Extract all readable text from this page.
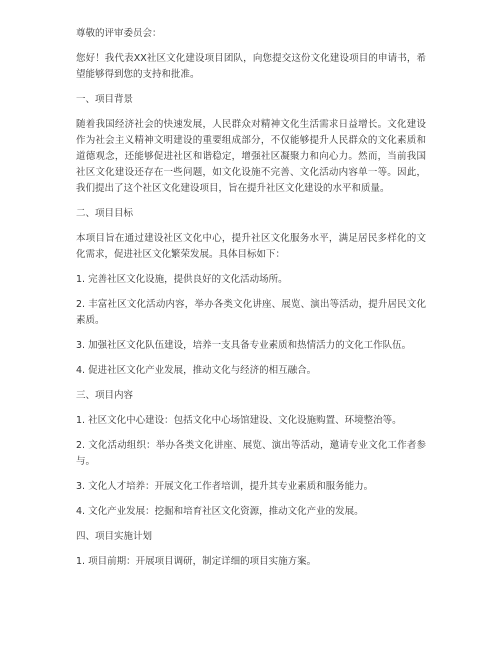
尊敬的评审委员会：

您好！我代表XX社区文化建设项目团队，向您提交这份文化建设项目的申请书，希望能够得到您的支持和批准。

一、项目背景

随着我国经济社会的快速发展，人民群众对精神文化生活需求日益增长。文化建设作为社会主义精神文明建设的重要组成部分，不仅能够提升人民群众的文化素质和道德观念，还能够促进社区和谐稳定，增强社区凝聚力和向心力。然而，当前我国社区文化建设还存在一些问题，如文化设施不完善、文化活动内容单一等。因此，我们提出了这个社区文化建设项目，旨在提升社区文化建设的水平和质量。

二、项目目标

本项目旨在通过建设社区文化中心，提升社区文化服务水平，满足居民多样化的文化需求，促进社区文化繁荣发展。具体目标如下：

1. 完善社区文化设施，提供良好的文化活动场所。

2. 丰富社区文化活动内容，举办各类文化讲座、展览、演出等活动，提升居民文化素质。

3. 加强社区文化队伍建设，培养一支具备专业素质和热情活力的文化工作队伍。

4. 促进社区文化产业发展，推动文化与经济的相互融合。

三、项目内容

1. 社区文化中心建设：包括文化中心场馆建设、文化设施购置、环境整治等。

2. 文化活动组织：举办各类文化讲座、展览、演出等活动，邀请专业文化工作者参与。

3. 文化人才培养：开展文化工作者培训，提升其专业素质和服务能力。

4. 文化产业发展：挖掘和培育社区文化资源，推动文化产业的发展。

四、项目实施计划

1. 项目前期：开展项目调研，制定详细的项目实施方案。
